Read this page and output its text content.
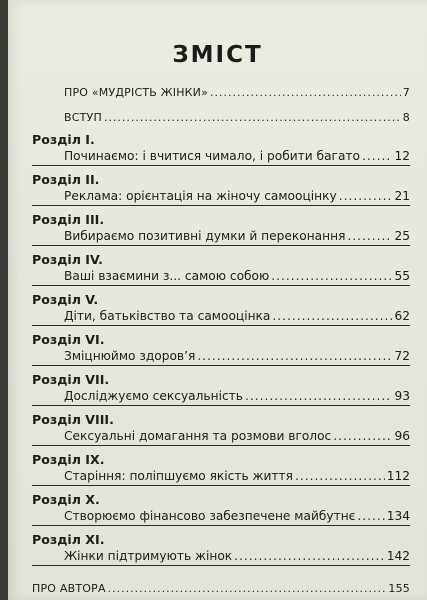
ЗМІСТ
ПРО «МУДРІСТЬ ЖІНКИ» .....	7
ВСТУП .....	8
Розділ І.
Починаємо: і вчитися чимало, і робити багато .....	12
Розділ II.
Реклама: орієнтація на жіночу самооцінку .....	21
Розділ III.
Вибираємо позитивні думки й переконання .....	25
Розділ IV.
Ваші взаємини з... самою собою .....	55
Розділ V.
Діти, батьківство та самооцінка .....	62
Розділ VI.
Зміцнюймо здоров’я .....	72
Розділ VII.
Досліджуємо сексуальність .....	93
Розділ VIII.
Сексуальні домагання та розмови вголос .....	96
Розділ IX.
Старіння: поліпшуємо якість життя .....	112
Розділ X.
Створюємо фінансово забезпечене майбутнє .....	134
Розділ XI.
Жінки підтримують жінок .....	142
ПРО АВТОРА .....	155
